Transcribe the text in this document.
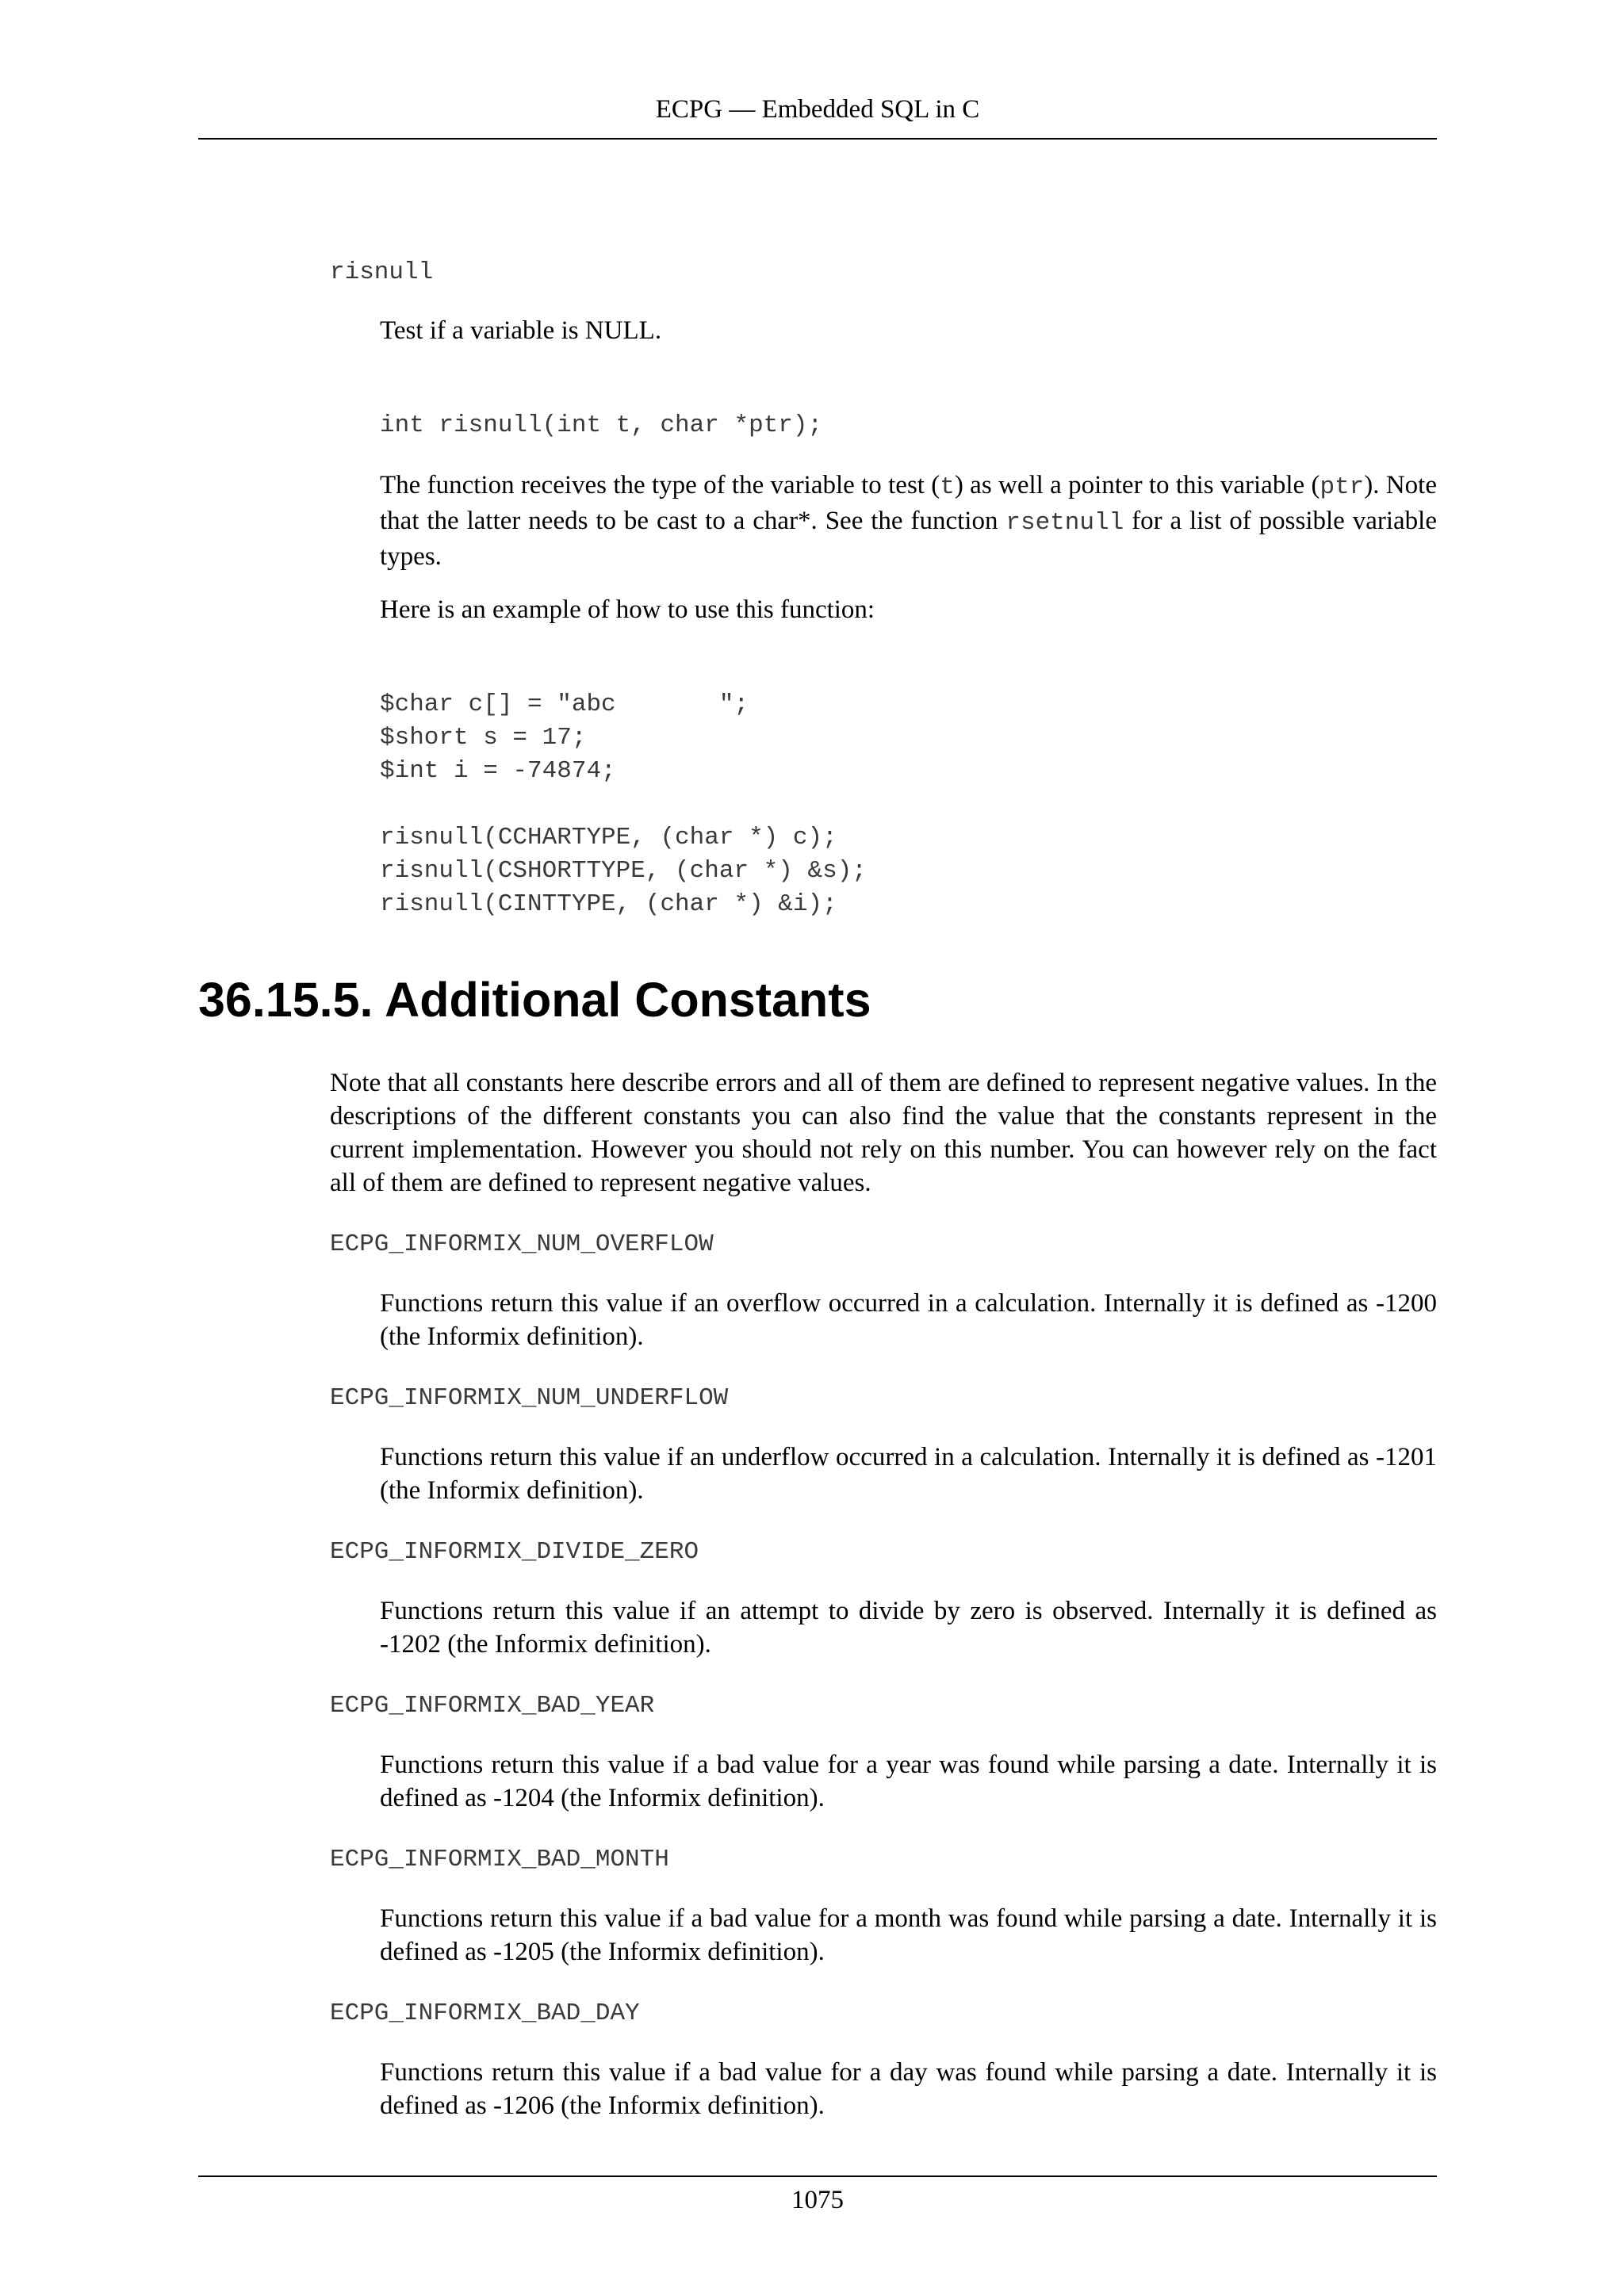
ECPG — Embedded SQL in C
risnull
Test if a variable is NULL.
int risnull(int t, char *ptr);
The function receives the type of the variable to test (t) as well a pointer to this variable (ptr). Note that the latter needs to be cast to a char*. See the function rsetnull for a list of possible variable types.
Here is an example of how to use this function:
$char c[] = "abc       ";
$short s = 17;
$int i = -74874;

risnull(CCHARTYPE, (char *) c);
risnull(CSHORTTYPE, (char *) &s);
risnull(CINTTYPE, (char *) &i);
36.15.5. Additional Constants
Note that all constants here describe errors and all of them are defined to represent negative values. In the descriptions of the different constants you can also find the value that the constants represent in the current implementation. However you should not rely on this number. You can however rely on the fact all of them are defined to represent negative values.
ECPG_INFORMIX_NUM_OVERFLOW
Functions return this value if an overflow occurred in a calculation. Internally it is defined as -1200 (the Informix definition).
ECPG_INFORMIX_NUM_UNDERFLOW
Functions return this value if an underflow occurred in a calculation. Internally it is defined as -1201 (the Informix definition).
ECPG_INFORMIX_DIVIDE_ZERO
Functions return this value if an attempt to divide by zero is observed. Internally it is defined as -1202 (the Informix definition).
ECPG_INFORMIX_BAD_YEAR
Functions return this value if a bad value for a year was found while parsing a date. Internally it is defined as -1204 (the Informix definition).
ECPG_INFORMIX_BAD_MONTH
Functions return this value if a bad value for a month was found while parsing a date. Internally it is defined as -1205 (the Informix definition).
ECPG_INFORMIX_BAD_DAY
Functions return this value if a bad value for a day was found while parsing a date. Internally it is defined as -1206 (the Informix definition).
1075
